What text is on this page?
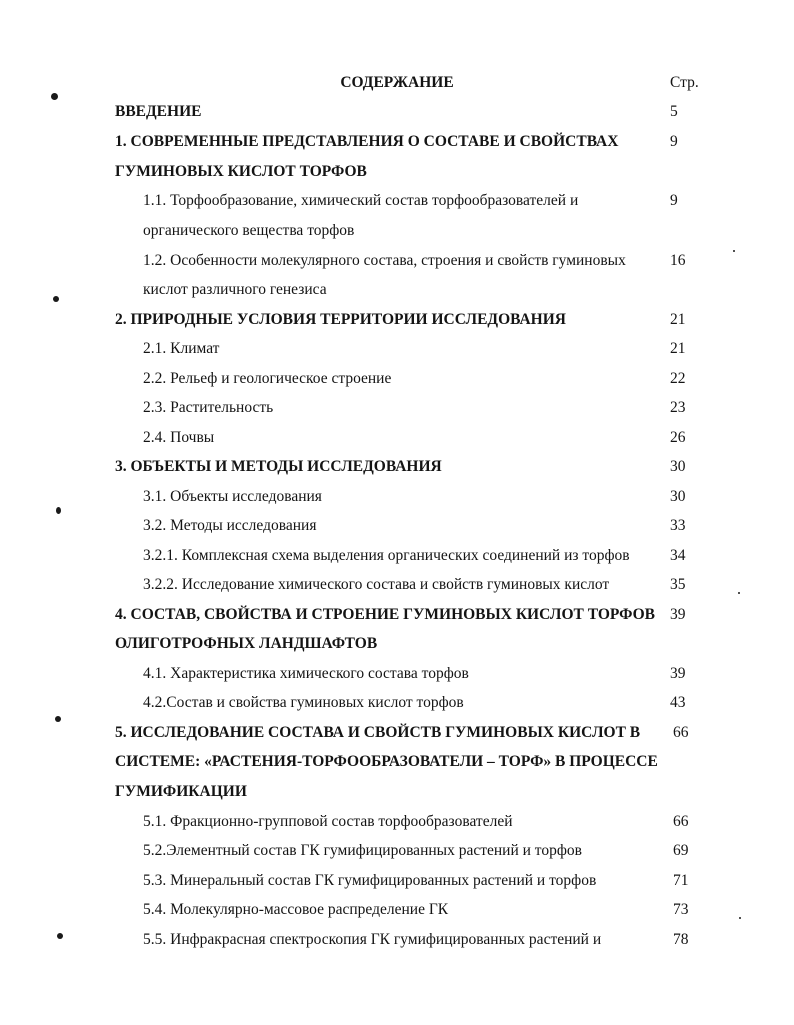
СОДЕРЖАНИЕ	Стр.
ВВЕДЕНИЕ	5
1. СОВРЕМЕННЫЕ ПРЕДСТАВЛЕНИЯ О СОСТАВЕ И СВОЙСТВАХ	9
ГУМИНОВЫХ КИСЛОТ ТОРФОВ
1.1. Торфообразование, химический состав торфообразователей и	9
органического вещества торфов
1.2. Особенности молекулярного состава, строения и свойств гуминовых	16
кислот различного генезиса
2. ПРИРОДНЫЕ УСЛОВИЯ ТЕРРИТОРИИ ИССЛЕДОВАНИЯ	21
2.1. Климат	21
2.2. Рельеф и геологическое строение	22
2.3. Растительность	23
2.4. Почвы	26
3. ОБЪЕКТЫ И МЕТОДЫ ИССЛЕДОВАНИЯ	30
3.1. Объекты исследования	30
3.2. Методы исследования	33
3.2.1. Комплексная схема выделения органических соединений из торфов	34
3.2.2. Исследование химического состава и свойств гуминовых кислот	35
4. СОСТАВ, СВОЙСТВА И СТРОЕНИЕ ГУМИНОВЫХ КИСЛОТ ТОРФОВ 39
ОЛИГОТРОФНЫХ ЛАНДШАФТОВ
4.1. Характеристика химического состава торфов	39
4.2.Состав и свойства гуминовых кислот торфов	43
5. ИССЛЕДОВАНИЕ СОСТАВА И СВОЙСТВ ГУМИНОВЫХ КИСЛОТ В 66
СИСТЕМЕ: «РАСТЕНИЯ-ТОРФООБРАЗОВАТЕЛИ – ТОРФ» В ПРОЦЕССЕ
ГУМИФИКАЦИИ
5.1. Фракционно-групповой состав торфообразователей	66
5.2.Элементный состав ГК гумифицированных растений и торфов	69
5.3. Минеральный состав ГК гумифицированных растений и торфов	71
5.4. Молекулярно-массовое распределение ГК	73
5.5. Инфракрасная спектроскопия ГК гумифицированных растений и	78
